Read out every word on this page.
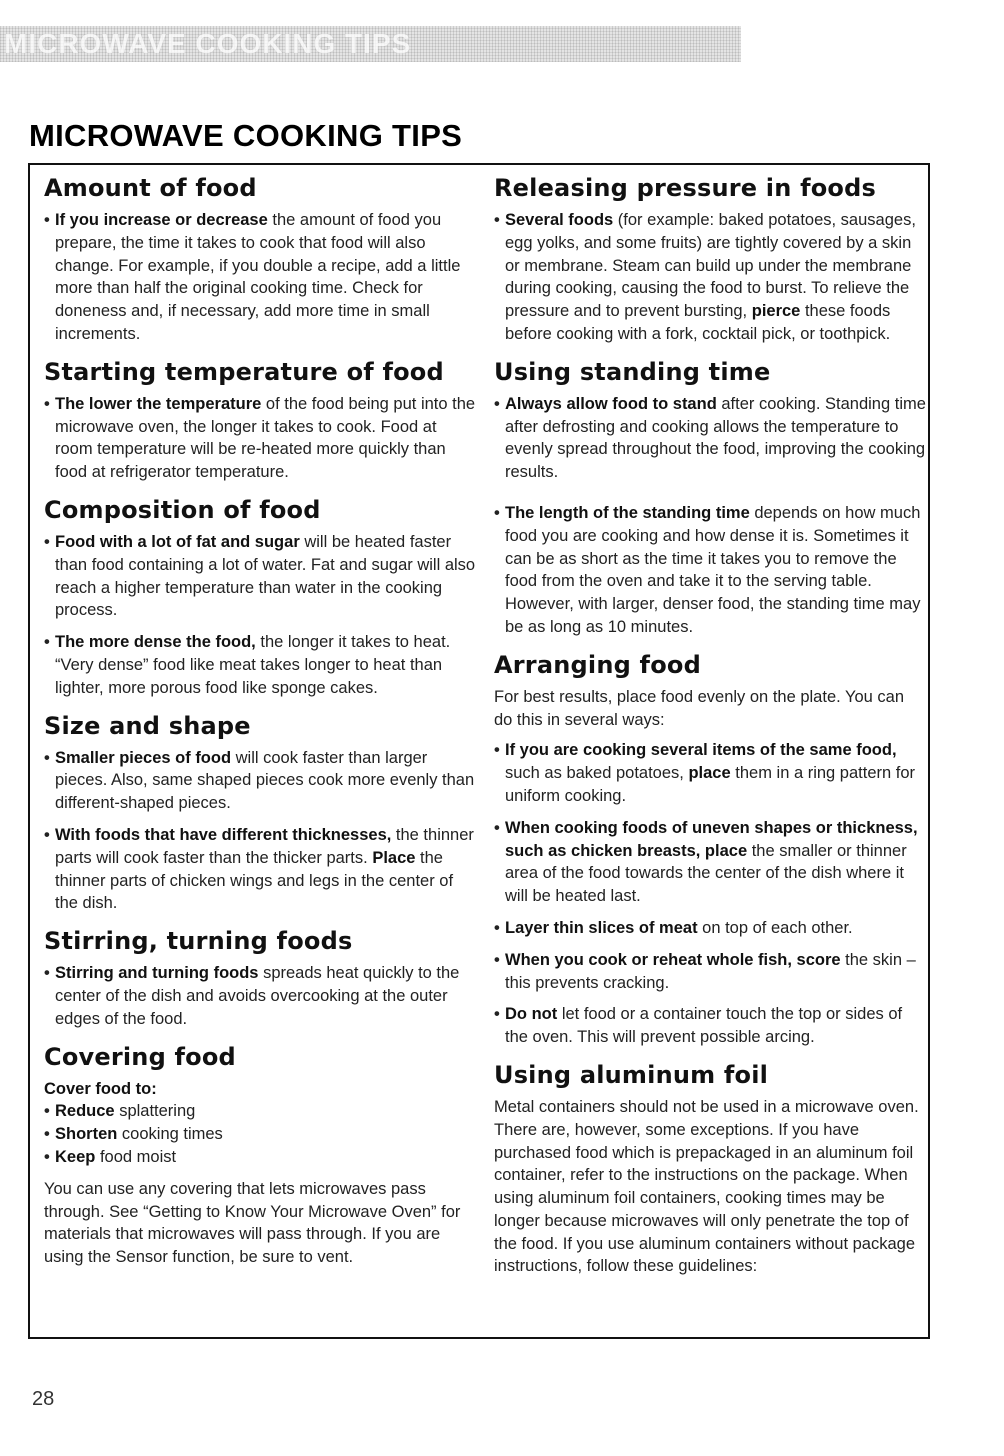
MICROWAVE COOKING TIPS
MICROWAVE COOKING TIPS
Amount of food

• If you increase or decrease the amount of food you prepare, the time it takes to cook that food will also change. For example, if you double a recipe, add a little more than half the original cooking time. Check for doneness and, if necessary, add more time in small increments.

Starting temperature of food

• The lower the temperature of the food being put into the microwave oven, the longer it takes to cook. Food at room temperature will be re-heated more quickly than food at refrigerator temperature.

Composition of food

• Food with a lot of fat and sugar will be heated faster than food containing a lot of water. Fat and sugar will also reach a higher temperature than water in the cooking process.

• The more dense the food, the longer it takes to heat. “Very dense” food like meat takes longer to heat than lighter, more porous food like sponge cakes.

Size and shape

• Smaller pieces of food will cook faster than larger pieces. Also, same shaped pieces cook more evenly than different-shaped pieces.

• With foods that have different thicknesses, the thinner parts will cook faster than the thicker parts. Place the thinner parts of chicken wings and legs in the center of the dish.

Stirring, turning foods

• Stirring and turning foods spreads heat quickly to the center of the dish and avoids overcooking at the outer edges of the food.

Covering food

Cover food to:

• Reduce splattering

• Shorten cooking times

• Keep food moist

You can use any covering that lets microwaves pass through. See “Getting to Know Your Microwave Oven” for materials that microwaves will pass through. If you are using the Sensor function, be sure to vent.

Releasing pressure in foods

• Several foods (for example: baked potatoes, sausages, egg yolks, and some fruits) are tightly covered by a skin or membrane. Steam can build up under the membrane during cooking, causing the food to burst. To relieve the pressure and to prevent bursting, pierce these foods before cooking with a fork, cocktail pick, or toothpick.

Using standing time

• Always allow food to stand after cooking. Standing time after defrosting and cooking allows the temperature to evenly spread throughout the food, improving the cooking results.

• The length of the standing time depends on how much food you are cooking and how dense it is. Sometimes it can be as short as the time it takes you to remove the food from the oven and take it to the serving table. However, with larger, denser food, the standing time may be as long as 10 minutes.

Arranging food

For best results, place food evenly on the plate. You can do this in several ways:

• If you are cooking several items of the same food, such as baked potatoes, place them in a ring pattern for uniform cooking.

• When cooking foods of uneven shapes or thickness, such as chicken breasts, place the smaller or thinner area of the food towards the center of the dish where it will be heated last.

• Layer thin slices of meat on top of each other.

• When you cook or reheat whole fish, score the skin – this prevents cracking.

• Do not let food or a container touch the top or sides of the oven. This will prevent possible arcing.

Using aluminum foil

Metal containers should not be used in a microwave oven. There are, however, some exceptions. If you have purchased food which is prepackaged in an aluminum foil container, refer to the instructions on the package. When using aluminum foil containers, cooking times may be longer because microwaves will only penetrate the top of the food. If you use aluminum containers without package instructions, follow these guidelines:

28
